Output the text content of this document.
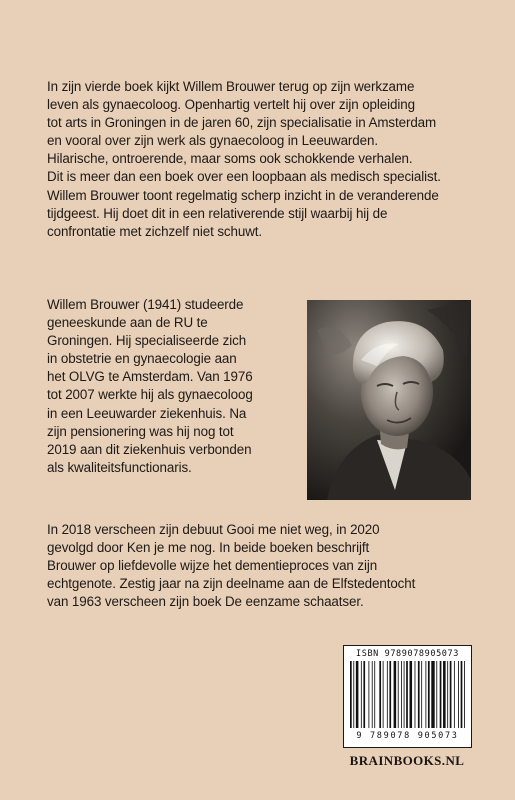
In zijn vierde boek kijkt Willem Brouwer terug op zijn werkzame
leven als gynaecoloog. Openhartig vertelt hij over zijn opleiding
tot arts in Groningen in de jaren 60, zijn specialisatie in Amsterdam
en vooral over zijn werk als gynaecoloog in Leeuwarden.
Hilarische, ontroerende, maar soms ook schokkende verhalen.
Dit is meer dan een boek over een loopbaan als medisch specialist.
Willem Brouwer toont regelmatig scherp inzicht in de veranderende
tijdgeest. Hij doet dit in een relativerende stijl waarbij hij de
confrontatie met zichzelf niet schuwt.
Willem Brouwer (1941) studeerde
geneeskunde aan de RU te
Groningen. Hij specialiseerde zich
in obstetrie en gynaecologie aan
het OLVG te Amsterdam. Van 1976
tot 2007 werkte hij als gynaecoloog
in een Leeuwarder ziekenhuis. Na
zijn pensionering was hij nog tot
2019 aan dit ziekenhuis verbonden
als kwaliteitsfunctionaris.
In 2018 verscheen zijn debuut Gooi me niet weg, in 2020
gevolgd door Ken je me nog. In beide boeken beschrijft
Brouwer op liefdevolle wijze het dementieproces van zijn
echtgenote. Zestig jaar na zijn deelname aan de Elfstedentocht
van 1963 verscheen zijn boek De eenzame schaatser.
ISBN 9789078905073
9 789078 905073
BRAINBOOKS.NL
